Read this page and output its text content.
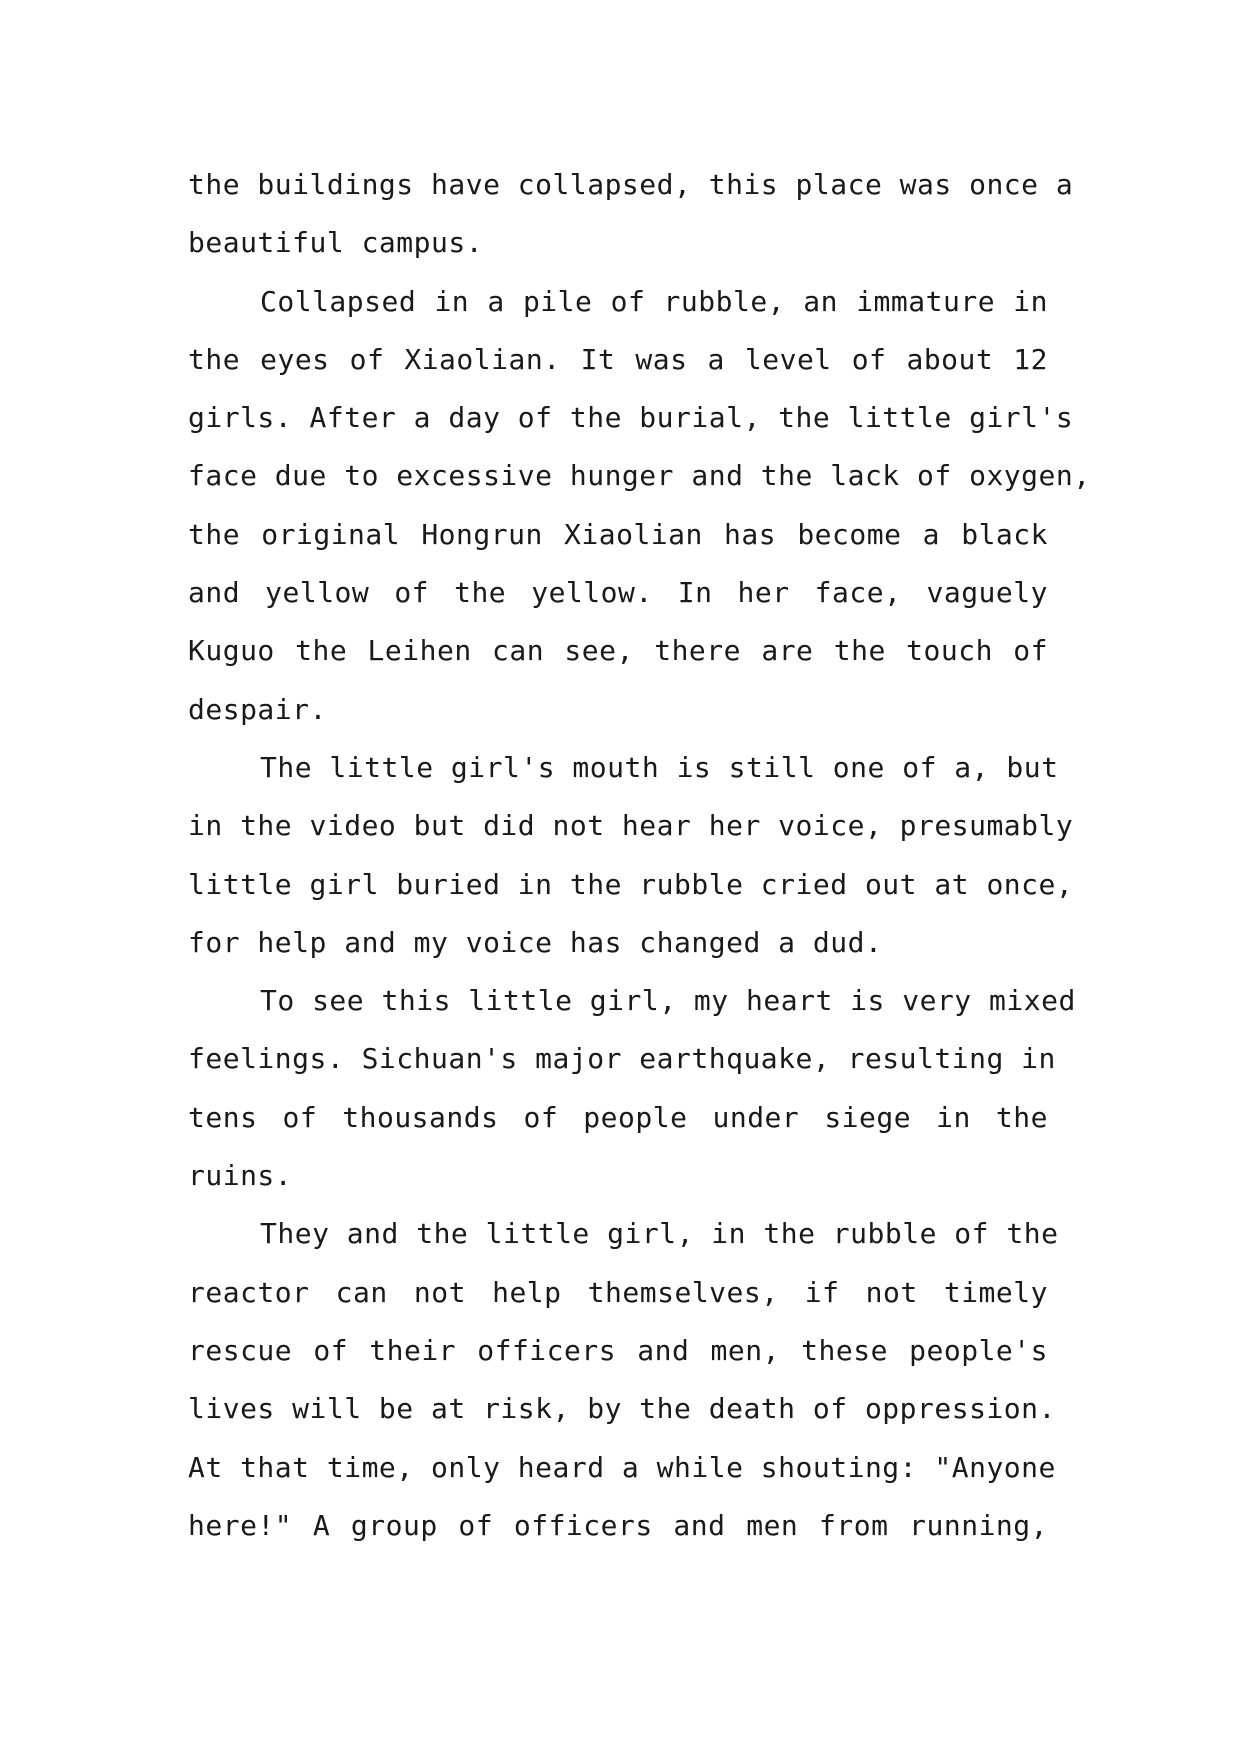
the buildings have collapsed, this place was once a
beautiful campus.
Collapsed in a pile of rubble, an immature in
the eyes of Xiaolian. It was a level of about 12
girls. After a day of the burial, the little girl's
face due to excessive hunger and the lack of oxygen,
the original Hongrun Xiaolian has become a black
and yellow of the yellow. In her face, vaguely
Kuguo the Leihen can see, there are the touch of
despair.
The little girl's mouth is still one of a, but
in the video but did not hear her voice, presumably
little girl buried in the rubble cried out at once,
for help and my voice has changed a dud.
To see this little girl, my heart is very mixed
feelings. Sichuan's major earthquake, resulting in
tens of thousands of people under siege in the
ruins.
They and the little girl, in the rubble of the
reactor can not help themselves, if not timely
rescue of their officers and men, these people's
lives will be at risk, by the death of oppression.
At that time, only heard a while shouting: "Anyone
here!" A group of officers and men from running,
